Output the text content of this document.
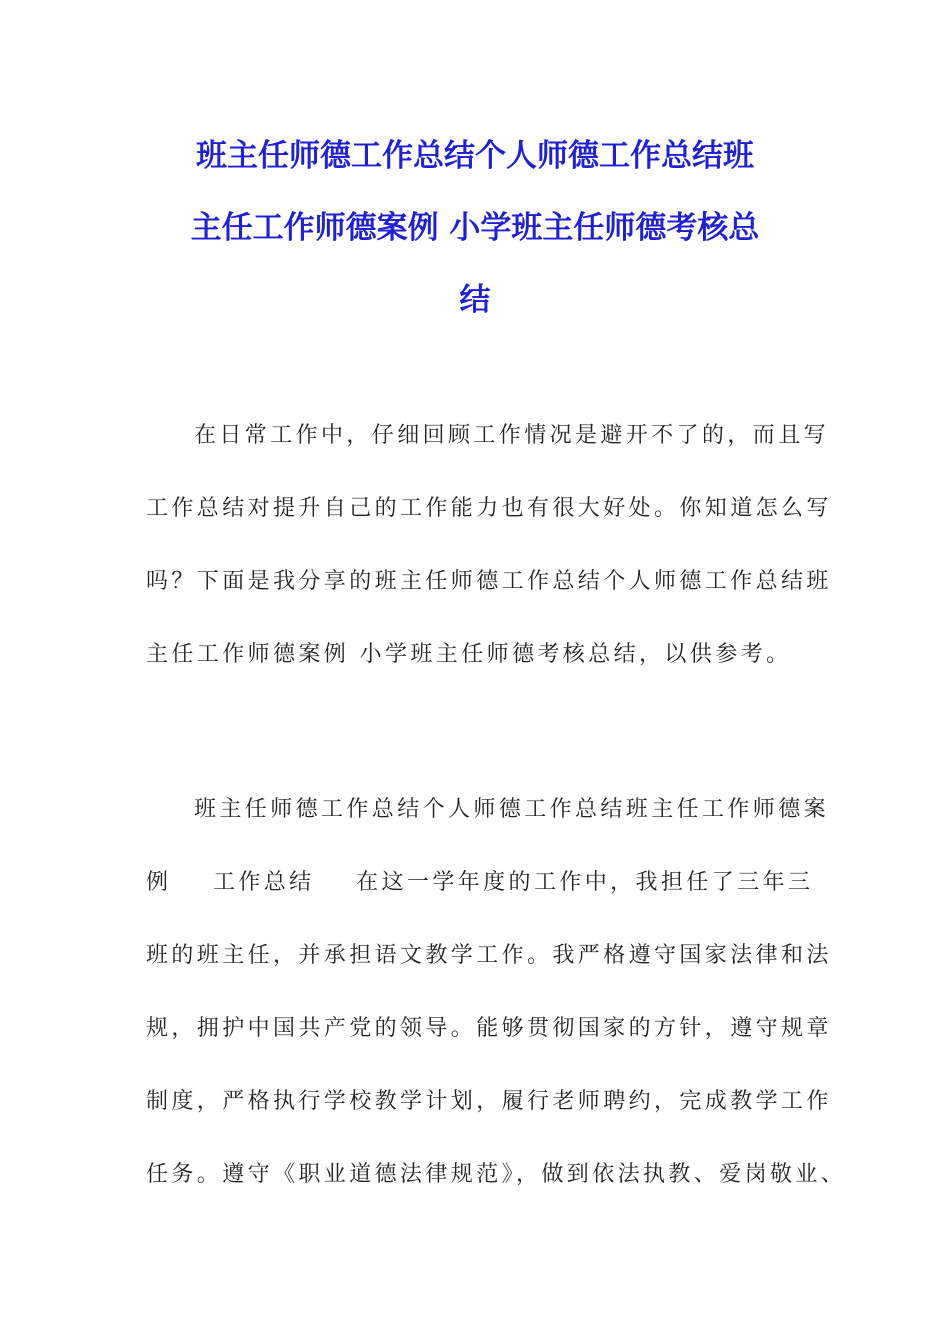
班主任师德工作总结个人师德工作总结班
主任工作师德案例 小学班主任师德考核总
结
在日常工作中，仔细回顾工作情况是避开不了的，而且写
工作总结对提升自己的工作能力也有很大好处。你知道怎么写
吗？下面是我分享的班主任师德工作总结个人师德工作总结班
主任工作师德案例 小学班主任师德考核总结，以供参考。
班主任师德工作总结个人师德工作总结班主任工作师德案
例    工作总结    在这一学年度的工作中，我担任了三年三
班的班主任，并承担语文教学工作。我严格遵守国家法律和法
规，拥护中国共产党的领导。能够贯彻国家的方针，遵守规章
制度，严格执行学校教学计划，履行老师聘约，完成教学工作
任务。遵守《职业道德法律规范》，做到依法执教、爱岗敬业、
